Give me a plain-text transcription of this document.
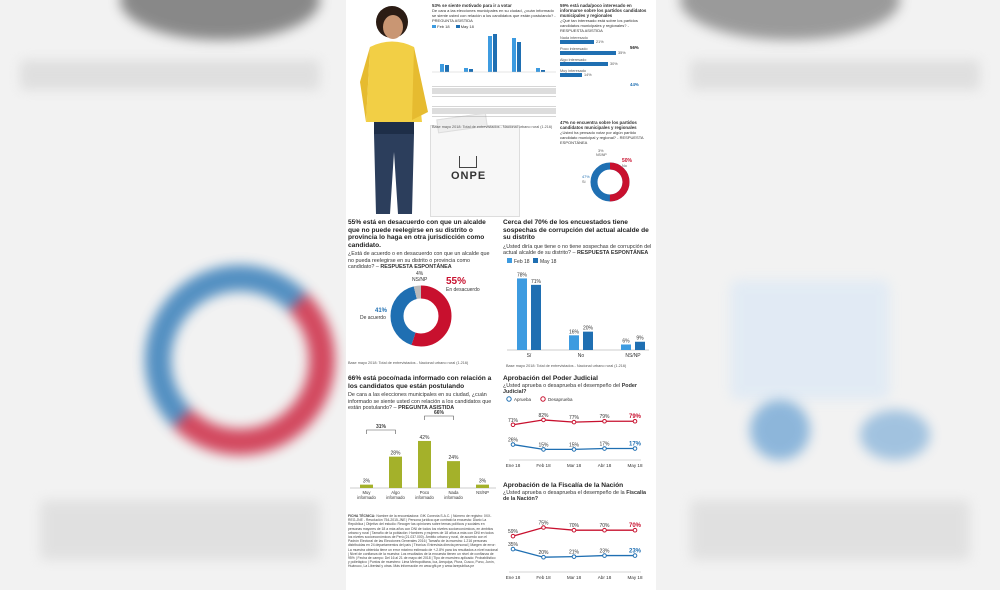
ONPE
53% se siente motivado para ir a votar
De cara a las elecciones municipales en su ciudad, ¿cuán informado se siente usted con relación a los candidatos que están postulando? - PREGUNTA ASISTIDA
Feb 18	May 18
Base mayo 2018: Total de entrevistados - Nacional urbano rural (1.216)
59% está nada/poco interesado en informarse sobre los partidos candidatos municipales y regionales
¿Qué tan interesado está sobre los partidos candidatos municipales y regionales? - RESPUESTA ASISTIDA
Nada interesado
21%
Poco interesado
35%
Algo interesado
30%
Muy interesado
14%
56%
44%
47% no encuentra sobre los partidos candidatos municipales y regionales
¿Usted ha pensado votar por algún partido candidato municipal y regional? - RESPUESTA ESPONTÁNEA
50%
No
47%
Sí
3%
NS/NP
55% está en desacuerdo con que un alcalde que no puede reelegirse en su distrito o provincia lo haga en otra jurisdicción como candidato.
¿Está de acuerdo o en desacuerdo con que un alcalde que no pueda reelegirse en su distrito o provincia como candidato? – RESPUESTA ESPONTÁNEA
55%
En desacuerdo
41%
De acuerdo
4%
NS/NP
Base mayo 2018: Total de entrevistados - Nacional urbano rural (1.216)
Cerca del 70% de los encuestados tiene sospechas de corrupción del actual alcalde de su distrito
¿Usted diría que tiene o no tiene sospechas de corrupción del actual alcalde de su distrito? – RESPUESTA ESPONTÁNEA
Feb 18 May 18
78%
71%
Sí
16%
20%
No
6% 9%
NS/NP
Base mayo 2018: Total de entrevistados - Nacional urbano rural (1.216)
66% está poco/nada informado con relación a los candidatos que están postulando
De cara a las elecciones municipales en su ciudad, ¿cuán informado se siente usted con relación a los candidatos que están postulando? – PREGUNTA ASISTIDA
3%
Muy
informado
28%
Algo
informado
42%
Poco
informado
24%
Nada
informado
3%
NS/NP
31%
66%
Aprobación del Poder Judicial
¿Usted aprueba o desaprueba el desempeño del Poder Judicial?
Aprueba	Desaprueba
71%
82%	77%	79%	79%
26%
15%	15%	17%	17%
Ene 18	Feb 18	Mar 18	Abr 18	May 18
Aprobación de la Fiscalía de la Nación
¿Usted aprueba o desaprueba el desempeño de la Fiscalía de la Nación?
59%
75%	70%	70%	70%
35%
20%	21%	23%	23%
Ene 18	Feb 18	Mar 18	Abr 18	May 18
FICHA TÉCNICA: Nombre de la encuestadora: GfK Conecta S.A.C. | Número de registro: 0XX-REG-JNE - Resolución 754-2015-JNE | Persona jurídica que contrató la encuesta: Diario La República | Objetivo del estudio: Recoger las opiniones sobre temas políticos y sociales en personas mayores de 18 a más años con DNI de todos los niveles socioeconómicos, en ámbitos urbano y rural | Tamaño de la población: Hombres y mujeres de 18 años a más con DNI en todos los niveles socioeconómicos de Perú (21.037.000). Ámbito urbano y rural, de acuerdo con el Padrón Electoral de las Elecciones Generales 2016 | Tamaño de la muestra: 1.216 personas distribuidas en 24 departamentos del país | Técnica: Entrevista directa personal | Margen de error: La muestra obtenida tiene un error máximo estimado de +-2.8% para los resultados a nivel nacional | Nivel de confianza de la muestra: Los resultados de la encuesta tienen un nivel de confianza de 95% | Fecha de campo: Del 16 al 21 de mayo del 2018 | Tipo de muestreo aplicado: Probabilístico y polietápico | Puntos de muestreo: Lima Metropolitana, Ica, Arequipa, Piura, Cusco, Puno, Junín, Huánuco, La Libertad y otras. Más información en www.gfk.pe y www.larepublica.pe
